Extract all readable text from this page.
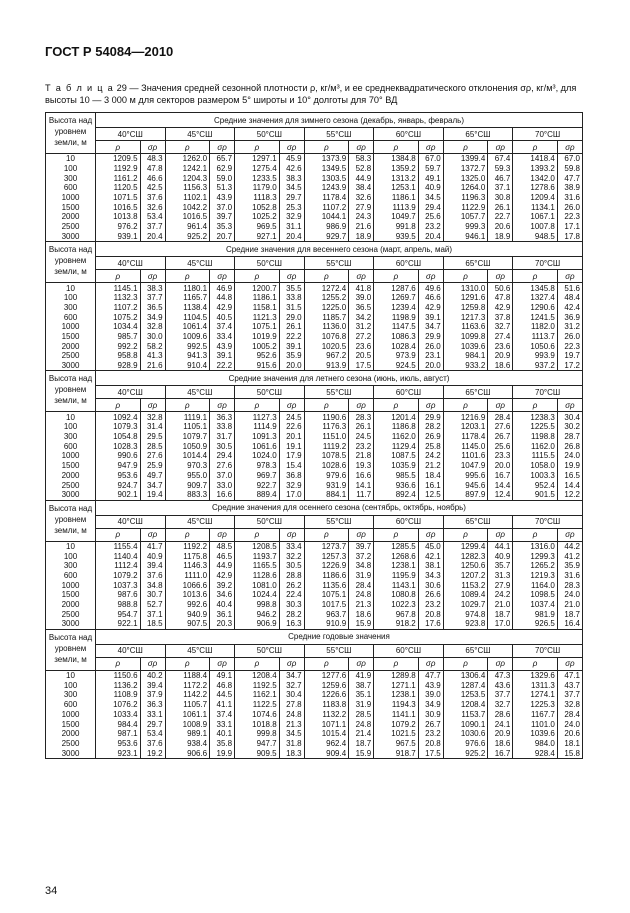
ГОСТ Р 54084—2010
Т а б л и ц а 29 — Значения средней сезонной плотности ρ, кг/м³, и ее среднеквадратического отклонения σρ, кг/м³, для высоты 10 — 3 000 м для секторов размером 5° широты и 10° долготы для 70° ВД
Высота над уровнем земли, м	Средние значения для зимнего сезона (декабрь, январь, февраль)													
	40°СШ		45°СШ		50°СШ		55°СШ		60°СШ		65°СШ		70°СШ	
	ρ	σρ	ρ	σρ	ρ	σρ	ρ	σρ	ρ	σρ	ρ	σρ	ρ	σρ
10	1209.5	48.3	1262.0	65.7	1297.1	45.9	1373.9	58.3	1384.8	67.0	1399.4	67.4	1418.4	67.0
100	1192.9	47.8	1242.1	62.9	1275.4	42.6	1349.5	52.8	1359.2	59.7	1372.7	59.3	1393.2	59.8
300	1161.2	46.6	1204.3	59.0	1233.5	38.3	1303.5	44.9	1313.2	49.1	1325.0	46.7	1342.0	47.7
600	1120.5	42.5	1156.3	51.3	1179.0	34.5	1243.9	38.4	1253.1	40.9	1264.0	37.1	1278.6	38.9
1000	1071.5	37.6	1102.1	43.9	1118.3	29.7	1178.4	32.6	1186.1	34.5	1196.3	30.8	1209.4	31.6
1500	1016.5	32.6	1042.2	37.0	1052.8	25.3	1107.2	27.9	1113.9	29.4	1122.9	26.1	1134.1	26.0
2000	1013.8	53.4	1016.5	39.7	1025.2	32.9	1044.1	24.3	1049.7	25.6	1057.7	22.7	1067.1	22.3
2500	976.2	37.7	961.4	35.3	969.5	31.1	986.9	21.6	991.8	23.2	999.3	20.6	1007.8	17.1
3000	939.1	20.4	925.2	20.7	927.1	20.4	929.7	18.9	939.5	20.4	946.1	18.9	948.5	17.8
Высота над уровнем земли, м	Средние значения для весеннего сезона (март, апрель, май)													
	40°СШ		45°СШ		50°СШ		55°СШ		60°СШ		65°СШ		70°СШ	
	ρ	σρ	ρ	σρ	ρ	σρ	ρ	σρ	ρ	σρ	ρ	σρ	ρ	σρ
10	1145.1	38.3	1180.1	46.9	1200.7	35.5	1272.4	41.8	1287.6	49.6	1310.0	50.6	1345.8	51.6
100	1132.3	37.7	1165.7	44.8	1186.1	33.8	1255.2	39.0	1269.7	46.6	1291.6	47.8	1327.4	48.4
300	1107.2	36.5	1138.4	42.9	1158.1	31.5	1225.0	36.5	1239.4	42.9	1259.8	42.9	1290.6	42.4
600	1075.2	34.9	1104.5	40.5	1121.3	29.0	1185.7	34.2	1198.9	39.1	1217.3	37.8	1241.5	36.9
1000	1034.4	32.8	1061.4	37.4	1075.1	26.1	1136.0	31.2	1147.5	34.7	1163.6	32.7	1182.0	31.2
1500	985.7	30.0	1009.6	33.4	1019.9	22.2	1076.8	27.2	1086.3	29.9	1099.8	27.4	1113.7	26.0
2000	992.2	58.2	992.5	43.9	1005.2	39.1	1020.5	23.6	1028.4	26.0	1039.6	23.6	1050.6	22.3
2500	958.8	41.3	941.3	39.1	952.6	35.9	967.2	20.5	973.9	23.1	984.1	20.9	993.9	19.7
3000	928.9	21.6	910.4	22.2	915.6	20.0	913.9	17.5	924.5	20.0	933.2	18.6	937.2	17.2
Высота над уровнем земли, м	Средние значения для летнего сезона (июнь, июль, август)													
	40°СШ		45°СШ		50°СШ		55°СШ		60°СШ		65°СШ		70°СШ	
	ρ	σρ	ρ	σρ	ρ	σρ	ρ	σρ	ρ	σρ	ρ	σρ	ρ	σρ
10	1092.4	32.8	1119.1	36.3	1127.3	24.5	1190.6	28.3	1201.4	29.9	1216.9	28.4	1238.3	30.4
100	1079.3	31.4	1105.1	33.8	1114.9	22.6	1176.3	26.1	1186.8	28.2	1203.1	27.6	1225.5	30.2
300	1054.8	29.5	1079.7	31.7	1091.3	20.1	1151.0	24.5	1162.0	26.9	1178.4	26.7	1198.8	28.7
600	1028.3	28.5	1050.9	30.5	1061.6	19.1	1119.2	23.2	1129.4	25.8	1145.0	25.6	1162.0	26.8
1000	990.6	27.6	1014.4	29.4	1024.0	17.9	1078.5	21.8	1087.5	24.2	1101.6	23.3	1115.5	24.0
1500	947.9	25.9	970.3	27.6	978.3	15.4	1028.6	19.3	1035.9	21.2	1047.9	20.0	1058.0	19.9
2000	953.6	49.7	955.0	37.0	969.7	36.8	979.6	16.6	985.5	18.4	995.6	16.7	1003.3	16.5
2500	924.7	34.7	909.7	33.0	922.7	32.9	931.9	14.1	936.6	16.1	945.6	14.4	952.4	14.4
3000	902.1	19.4	883.3	16.6	889.4	17.0	884.1	11.7	892.4	12.5	897.9	12.4	901.5	12.2
Высота над уровнем земли, м	Средние значения для осеннего сезона (сентябрь, октябрь, ноябрь)													
	40°СШ		45°СШ		50°СШ		55°СШ		60°СШ		65°СШ		70°СШ	
	ρ	σρ	ρ	σρ	ρ	σρ	ρ	σρ	ρ	σρ	ρ	σρ	ρ	σρ
10	1155.4	41.7	1192.2	48.5	1208.5	33.4	1273.7	39.7	1285.5	45.0	1299.4	44.1	1316.0	44.2
100	1140.4	40.9	1175.8	46.5	1193.7	32.2	1257.3	37.2	1268.6	42.1	1282.3	40.9	1299.3	41.2
300	1112.4	39.4	1146.3	44.9	1165.5	30.5	1226.9	34.8	1238.1	38.1	1250.6	35.7	1265.2	35.9
600	1079.2	37.6	1111.0	42.9	1128.6	28.8	1186.6	31.9	1195.9	34.3	1207.2	31.3	1219.3	31.6
1000	1037.3	34.8	1066.6	39.2	1081.0	26.2	1135.6	28.4	1143.1	30.6	1153.2	27.9	1164.0	28.3
1500	987.6	30.7	1013.6	34.6	1024.4	22.4	1075.1	24.8	1080.8	26.6	1089.4	24.2	1098.5	24.0
2000	988.8	52.7	992.6	40.4	998.8	30.3	1017.5	21.3	1022.3	23.2	1029.7	21.0	1037.4	21.0
2500	954.7	37.1	940.9	36.1	946.2	28.2	963.7	18.6	967.8	20.8	974.8	18.7	981.9	18.7
3000	922.1	18.5	907.5	20.3	906.9	16.3	910.9	15.9	918.2	17.6	923.8	17.0	926.5	16.4
Высота над уровнем земли, м	Средние годовые значения													
	40°СШ		45°СШ		50°СШ		55°СШ		60°СШ		65°СШ		70°СШ	
	ρ	σρ	ρ	σρ	ρ	σρ	ρ	σρ	ρ	σρ	ρ	σρ	ρ	σρ
10	1150.6	40.2	1188.4	49.1	1208.4	34.7	1277.6	41.9	1289.8	47.7	1306.4	47.3	1329.6	47.1
100	1136.2	39.4	1172.2	46.8	1192.5	32.7	1259.6	38.7	1271.1	43.9	1287.4	43.6	1311.3	43.7
300	1108.9	37.9	1142.2	44.5	1162.1	30.4	1226.6	35.1	1238.1	39.0	1253.5	37.7	1274.1	37.7
600	1076.2	36.3	1105.7	41.1	1122.5	27.8	1183.8	31.9	1194.3	34.9	1208.4	32.7	1225.3	32.8
1000	1033.4	33.1	1061.1	37.4	1074.6	24.8	1132.2	28.5	1141.1	30.9	1153.7	28.6	1167.7	28.4
1500	984.4	29.7	1008.9	33.1	1018.8	21.3	1071.1	24.8	1079.2	26.7	1090.1	24.1	1101.0	24.0
2000	987.1	53.4	989.1	40.1	999.8	34.5	1015.4	21.4	1021.5	23.2	1030.6	20.9	1039.6	20.6
2500	953.6	37.6	938.4	35.8	947.7	31.8	962.4	18.7	967.5	20.8	976.6	18.6	984.0	18.1
3000	923.1	19.2	906.6	19.9	909.5	18.3	909.4	15.9	918.7	17.5	925.2	16.7	928.4	15.8
34
